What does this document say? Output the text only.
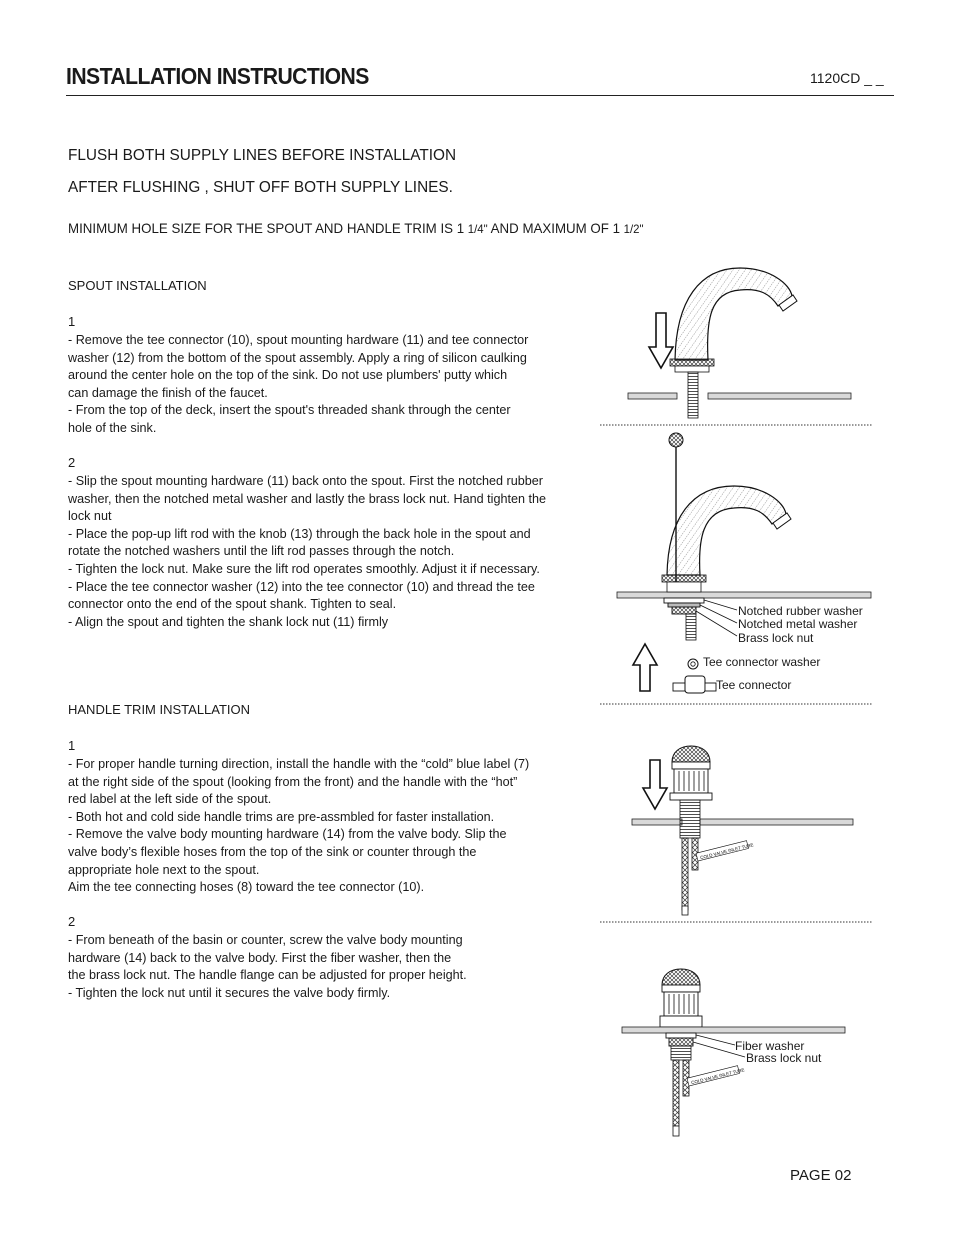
INSTALLATION INSTRUCTIONS	1120CD _ _
FLUSH BOTH SUPPLY LINES BEFORE INSTALLATION
AFTER FLUSHING , SHUT OFF BOTH SUPPLY LINES.
MINIMUM HOLE SIZE FOR THE SPOUT AND HANDLE TRIM IS 1 1/4" AND MAXIMUM OF 1 1/2"
SPOUT INSTALLATION
1
- Remove the tee connector (10), spout mounting hardware (11) and tee connector
washer (12) from the bottom of the spout assembly. Apply a ring of silicon caulking
around the center hole on the top of the sink. Do not use plumbers' putty which
can damage the finish of the faucet.
- From the top of the deck, insert the spout's threaded shank through the center
hole of the sink.
2
- Slip the spout mounting hardware (11) back onto the spout. First the notched rubber
washer, then the notched metal washer and lastly the brass lock nut. Hand tighten the
lock nut
- Place the pop-up lift rod with the knob (13) through the back hole in the spout and
rotate the notched washers until the lift rod passes through the notch.
- Tighten the lock nut. Make sure the lift rod operates smoothly. Adjust it if necessary.
- Place the tee connector washer (12) into the tee connector (10) and thread the tee
connector onto the end of the spout shank. Tighten to seal.
- Align the spout and tighten the shank lock nut (11) firmly
HANDLE TRIM INSTALLATION
1
- For proper handle turning direction, install the handle with the “cold” blue label (7)
at the right side of the spout (looking from the front) and the handle with the “hot”
red label at the left side of the spout.
- Both hot and cold side handle trims are pre-assmbled for faster installation.
- Remove the valve body mounting hardware (14) from the valve body. Slip the
valve body’s flexible hoses from the top of the sink or counter through the
appropriate hole next to the spout.
Aim the tee connecting hoses (8) toward the tee connector (10).
2
- From beneath of the basin or counter, screw the valve body mounting
hardware (14) back to the valve body. First the fiber washer, then the
the brass lock nut. The handle flange can be adjusted for proper height.
- Tighten the lock nut until it secures the valve body firmly.
COLD VALVE INLET TUBE
COLD VALVE INLET TUBE
Notched rubber washer
Notched metal washer
Brass lock nut
Tee connector washer
Tee connector
Fiber washer
Brass lock nut
PAGE 02
